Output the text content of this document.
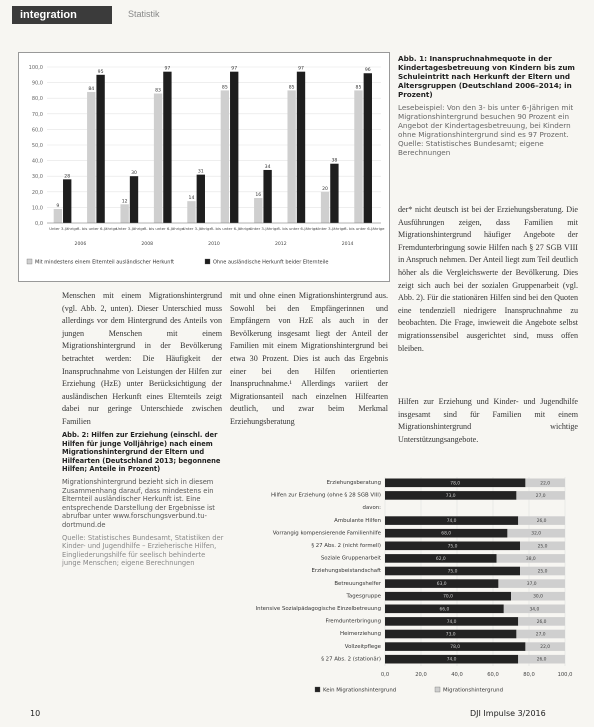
integration	Statistik
0,0
10,0
20,0
30,0
40,0
50,0
60,0
70,0
80,0
90,0
100,0
9
28
Unter 3-Jährige
84
95
3- bis unter 6-Jährige
12
30
Unter 3-Jährige
83
97
3- bis unter 6-Jährige
14
31
Unter 3-Jährige
85
97
3- bis unter 6-Jährige
16
34
Unter 3-Jährige
85
97
3- bis unter 6-Jährige
20
38
Unter 3-Jährige
85
96
3- bis unter 6-Jährige
2006	2008	2010	2012	2014
Mit mindestens einem Elternteil ausländischer Herkunft	Ohne ausländische Herkunft beider Elternteile
Abb. 1: Inanspruchnahmequote in der Kindertagesbetreuung von Kindern bis zum Schuleintritt nach Herkunft der Eltern und Altersgruppen (Deutschland 2006–2014; in Prozent)
Lesebeispiel: Von den 3- bis unter 6-Jährigen mit Migrationshintergrund besuchen 90 Prozent ein Angebot der Kindertagesbetreuung, bei Kindern ohne Migrationshintergrund sind es 97 Prozent. Quelle: Statistisches Bundesamt; eigene Berechnungen

der* nicht deutsch ist bei der Erziehungsberatung. Die Ausführungen zeigen, dass Familien mit Migrationshintergrund häufiger Angebote der Fremdunterbringung sowie Hilfen nach § 27 SGB VIII in Anspruch nehmen. Der Anteil liegt zum Teil deutlich höher als die Vergleichswerte der Bevölkerung. Dies zeigt sich auch bei der sozialen Gruppenarbeit (vgl. Abb. 2). Für die stationären Hilfen sind bei den Quoten eine tendenziell niedrigere Inanspruchnahme zu beobachten. Die Frage, inwieweit die Angebote selbst migrationssensibel ausgerichtet sind, muss offen bleiben.

Menschen mit einem Migrationshintergrund (vgl. Abb. 2, unten). Dieser Unterschied muss allerdings vor dem Hintergrund des Anteils von jungen Menschen mit einem Migrationshintergrund in der Bevölkerung betrachtet werden: Die Häufigkeit der Inanspruchnahme von Leistungen der Hilfen zur Erziehung (HzE) unter Berücksichtigung der ausländischen Herkunft eines Elternteils zeigt dabei nur geringe Unterschiede zwischen Familien

mit und ohne einen Migrationshintergrund aus. Sowohl bei den Empfängerinnen und Empfängern von HzE als auch in der Bevölkerung insgesamt liegt der Anteil der Familien mit einem Migrationshintergrund bei etwa 30 Prozent. Dies ist auch das Ergebnis einer bei den Hilfen orientierten Inanspruchnahme.¹ Allerdings variiert der Migrationsanteil nach einzelnen Hilfearten deutlich, und zwar beim Merkmal Erziehungsberatung

Hilfen zur Erziehung und Kinder- und Jugendhilfe insgesamt sind für Familien mit einem Migrationshintergrund wichtige Unterstützungsangebote.

Abb. 2: Hilfen zur Erziehung (einschl. der Hilfen für junge Volljährige) nach einem Migrationshintergrund der Eltern und Hilfearten (Deutschland 2013; begonnene Hilfen; Anteile in Prozent)
Migrationshintergrund bezieht sich in diesem Zusammenhang darauf, dass mindestens ein Elternteil ausländischer Herkunft ist. Eine entsprechende Darstellung der Ergebnisse ist abrufbar unter www.forschungsverbund.tu-dortmund.de
Quelle: Statistisches Bundesamt, Statistiken der Kinder- und Jugendhilfe – Erzieherische Hilfen, Eingliederungshilfe für seelisch behinderte junge Menschen; eigene Berechnungen
0,0	20,0	40,0	60,0	80,0	100,0
Erziehungsberatung	78,0	22,0
Hilfen zur Erziehung (ohne § 28 SGB VIII)	73,0	27,0
davon:
Ambulante Hilfen	74,0	26,0
Vorrangig kompensierende Familienhilfe	68,0	32,0
§ 27 Abs. 2 (nicht formell)	75,0	25,0
Soziale Gruppenarbeit	62,0	38,0
Erziehungsbeistandschaft	75,0	25,0
Betreuungshelfer	63,0	37,0
Tagesgruppe	70,0	30,0
Intensive Sozialpädagogische Einzelbetreuung	66,0	34,0
Fremdunterbringung	74,0	26,0
Heimerziehung	73,0	27,0
Vollzeitpflege	78,0	22,0
§ 27 Abs. 2 (stationär)	74,0	26,0
Kein Migrationshintergrund	Migrationshintergrund
10	DJI Impulse 3/2016
